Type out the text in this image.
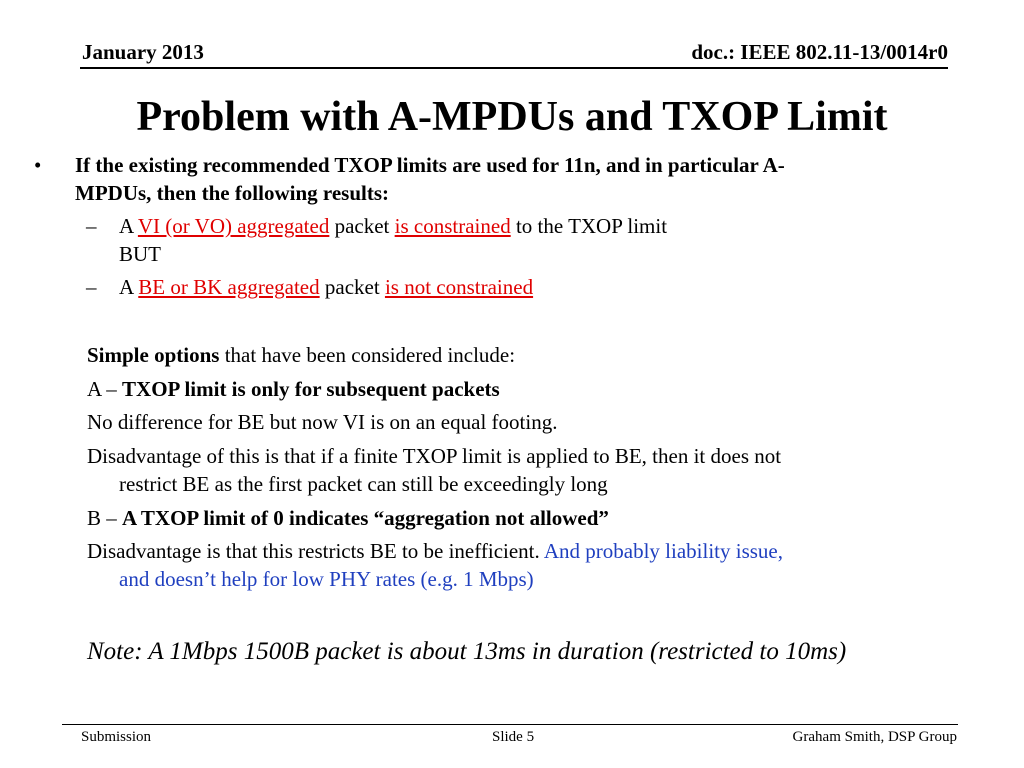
January 2013	doc.: IEEE 802.11-13/0014r0
Problem with A-MPDUs and TXOP Limit
• If the existing recommended TXOP limits are used for 11n, and in particular A-
MPDUs, then the following results:
– A VI (or VO) aggregated packet is constrained to the TXOP limit
BUT
– A BE or BK aggregated packet is not constrained
Simple options that have been considered include:
A – TXOP limit is only for subsequent packets
No difference for BE but now VI is on an equal footing.
Disadvantage of this is that if a finite TXOP limit is applied to BE, then it does not
restrict BE as the first packet can still be exceedingly long
B – A TXOP limit of 0 indicates “aggregation not allowed”
Disadvantage is that this restricts BE to be inefficient. And probably liability issue,
and doesn’t help for low PHY rates (e.g. 1 Mbps)
Note: A 1Mbps 1500B packet is about 13ms in duration (restricted to 10ms)
Submission	Slide 5	Graham Smith, DSP Group
